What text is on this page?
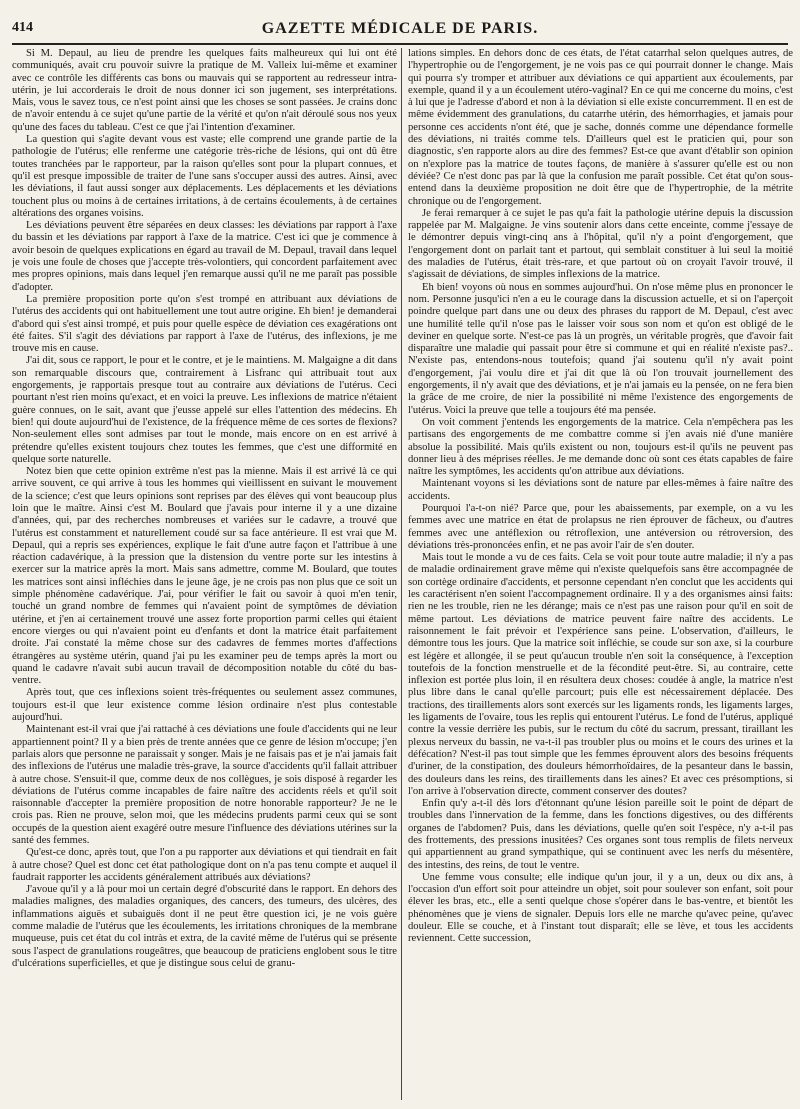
414	GAZETTE MÉDICALE DE PARIS.

Si M. Depaul, au lieu de prendre les quelques faits malheureux qui lui ont été communiqués, avait cru pouvoir suivre la pratique de M. Valleix lui-même et examiner avec ce contrôle les différents cas bons ou mauvais qui se rapportent au redresseur intra-utérin, je lui accorderais le droit de nous donner ici son jugement, ses interprétations. Mais, vous le savez tous, ce n'est point ainsi que les choses se sont passées. Je crains donc de n'avoir entendu à ce sujet qu'une partie de la vérité et qu'on n'ait déroulé sous nos yeux qu'une des faces du tableau. C'est ce que j'ai l'intention d'examiner.

La question qui s'agite devant vous est vaste; elle comprend une grande partie de la pathologie de l'utérus; elle renferme une catégorie très-riche de lésions, qui ont dû être toutes tranchées par le rapporteur, par la raison qu'elles sont pour la plupart connues, et qu'il est presque impossible de traiter de l'une sans s'occuper aussi des autres. Ainsi, avec les déviations, il faut aussi songer aux déplacements. Les déplacements et les déviations touchent plus ou moins à de certaines irritations, à de certains écoulements, à de certaines altérations des organes voisins.

Les déviations peuvent être séparées en deux classes: les déviations par rapport à l'axe du bassin et les déviations par rapport à l'axe de la matrice. C'est ici que je commence à avoir besoin de quelques explications en égard au travail de M. Depaul, travail dans lequel je vois une foule de choses que j'accepte très-volontiers, qui concordent parfaitement avec mes propres opinions, mais dans lequel j'en remarque aussi qu'il ne me paraît pas possible d'adopter.

La première proposition porte qu'on s'est trompé en attribuant aux déviations de l'utérus des accidents qui ont habituellement une tout autre origine. Eh bien! je demanderai d'abord qui s'est ainsi trompé, et puis pour quelle espèce de déviation ces exagérations ont été faites. S'il s'agit des déviations par rapport à l'axe de l'utérus, des inflexions, je me trouve mis en cause.

J'ai dit, sous ce rapport, le pour et le contre, et je le maintiens. M. Malgaigne a dit dans son remarquable discours que, contrairement à Lisfranc qui attribuait tout aux engorgements, je rapportais presque tout au contraire aux déviations de l'utérus. Ceci pourtant n'est rien moins qu'exact, et en voici la preuve. Les inflexions de matrice n'étaient guère connues, on le sait, avant que j'eusse appelé sur elles l'attention des médecins. Eh bien! qui doute aujourd'hui de l'existence, de la fréquence même de ces sortes de flexions? Non-seulement elles sont admises par tout le monde, mais encore on en est arrivé à prétendre qu'elles existent toujours chez toutes les femmes, que c'est une difformité en quelque sorte naturelle.

Notez bien que cette opinion extrême n'est pas la mienne. Mais il est arrivé là ce qui arrive souvent, ce qui arrive à tous les hommes qui vieillissent en suivant le mouvement de la science; c'est que leurs opinions sont reprises par des élèves qui vont beaucoup plus loin que le maître. Ainsi c'est M. Boulard que j'avais pour interne il y a une dizaine d'années, qui, par des recherches nombreuses et variées sur le cadavre, a trouvé que l'utérus est constamment et naturellement coudé sur sa face antérieure. Il est vrai que M. Depaul, qui a repris ses expériences, explique le fait d'une autre façon et l'attribue à une réaction cadavérique, à la pression que la distension du ventre porte sur les intestins à exercer sur la matrice après la mort. Mais sans admettre, comme M. Boulard, que toutes les matrices sont ainsi infléchies dans le jeune âge, je ne crois pas non plus que ce soit un simple phénomène cadavérique. J'ai, pour vérifier le fait ou savoir à quoi m'en tenir, touché un grand nombre de femmes qui n'avaient point de symptômes de déviation utérine, et j'en ai certainement trouvé une assez forte proportion parmi celles qui étaient encore vierges ou qui n'avaient point eu d'enfants et dont la matrice était parfaitement droite. J'ai constaté la même chose sur des cadavres de femmes mortes d'affections étrangères au système utérin, quand j'ai pu les examiner peu de temps après la mort ou quand le cadavre n'avait subi aucun travail de décomposition notable du côté du bas-ventre.

Après tout, que ces inflexions soient très-fréquentes ou seulement assez communes, toujours est-il que leur existence comme lésion ordinaire n'est plus contestable aujourd'hui.

Maintenant est-il vrai que j'ai rattaché à ces déviations une foule d'accidents qui ne leur appartiennent point? Il y a bien près de trente années que ce genre de lésion m'occupe; j'en parlais alors que personne ne paraissait y songer. Mais je ne faisais pas et je n'ai jamais fait des inflexions de l'utérus une maladie très-grave, la source d'accidents qu'il fallait attribuer à autre chose. S'ensuit-il que, comme deux de nos collègues, je sois disposé à regarder les déviations de l'utérus comme incapables de faire naître des accidents réels et qu'il soit raisonnable d'accepter la première proposition de notre honorable rapporteur? Je ne le crois pas. Rien ne prouve, selon moi, que les médecins prudents parmi ceux qui se sont occupés de la question aient exagéré outre mesure l'influence des déviations utérines sur la santé des femmes.

Qu'est-ce donc, après tout, que l'on a pu rapporter aux déviations et qui tiendrait en fait à autre chose? Quel est donc cet état pathologique dont on n'a pas tenu compte et auquel il faudrait rapporter les accidents généralement attribués aux déviations?

J'avoue qu'il y a là pour moi un certain degré d'obscurité dans le rapport. En dehors des maladies malignes, des maladies organiques, des cancers, des tumeurs, des ulcères, des inflammations aiguës et subaiguës dont il ne peut être question ici, je ne vois guère comme maladie de l'utérus que les écoulements, les irritations chroniques de la membrane muqueuse, puis cet état du col intràs et extra, de la cavité même de l'utérus qui se présente sous l'aspect de granulations rougeâtres, que beaucoup de praticiens englobent sous le titre d'ulcérations superficielles, et que je distingue sous celui de granu-

lations simples. En dehors donc de ces états, de l'état catarrhal selon quelques autres, de l'hypertrophie ou de l'engorgement, je ne vois pas ce qui pourrait donner le change. Mais qui pourra s'y tromper et attribuer aux déviations ce qui appartient aux écoulements, par exemple, quand il y a un écoulement utéro-vaginal? En ce qui me concerne du moins, c'est à lui que je l'adresse d'abord et non à la déviation si elle existe concurremment. Il en est de même évidemment des granulations, du catarrhe utérin, des hémorrhagies, et jamais pour personne ces accidents n'ont été, que je sache, donnés comme une dépendance formelle des déviations, ni traités comme tels. D'ailleurs quel est le praticien qui, pour son diagnostic, s'en rapporte alors au dire des femmes? Est-ce que avant d'établir son opinion on n'explore pas la matrice de toutes façons, de manière à s'assurer qu'elle est ou non déviée? Ce n'est donc pas par là que la confusion me paraît possible. Cet état qu'on sous-entend dans la deuxième proposition ne doit être que de l'hypertrophie, de la métrite chronique ou de l'engorgement.

Je ferai remarquer à ce sujet le pas qu'a fait la pathologie utérine depuis la discussion rappelée par M. Malgaigne. Je vins soutenir alors dans cette enceinte, comme j'essaye de le démontrer depuis vingt-cinq ans à l'hôpital, qu'il n'y a point d'engorgement, que l'engorgement dont on parlait tant et partout, qui semblait constituer à lui seul la moitié des maladies de l'utérus, était très-rare, et que partout où on croyait l'avoir trouvé, il s'agissait de déviations, de simples inflexions de la matrice.

Eh bien! voyons où nous en sommes aujourd'hui. On n'ose même plus en prononcer le nom. Personne jusqu'ici n'en a eu le courage dans la discussion actuelle, et si on l'aperçoit poindre quelque part dans une ou deux des phrases du rapport de M. Depaul, c'est avec une humilité telle qu'il n'ose pas le laisser voir sous son nom et qu'on est obligé de le deviner en quelque sorte. N'est-ce pas là un progrès, un véritable progrès, que d'avoir fait disparaître une maladie qui passait pour être si commune et qui en réalité n'existe pas?.. N'existe pas, entendons-nous toutefois; quand j'ai soutenu qu'il n'y avait point d'engorgement, j'ai voulu dire et j'ai dit que là où l'on trouvait journellement des engorgements, il n'y avait que des déviations, et je n'ai jamais eu la pensée, on ne fera bien la grâce de me croire, de nier la possibilité ni même l'existence des engorgements de l'utérus. Voici la preuve que telle a toujours été ma pensée.

On voit comment j'entends les engorgements de la matrice. Cela n'empêchera pas les partisans des engorgements de me combattre comme si j'en avais nié d'une manière absolue la possibilité. Mais qu'ils existent ou non, toujours est-il qu'ils ne peuvent pas donner lieu à des méprises réelles. Je me demande donc où sont ces états capables de faire naître les symptômes, les accidents qu'on attribue aux déviations.

Maintenant voyons si les déviations sont de nature par elles-mêmes à faire naître des accidents.

Pourquoi l'a-t-on nié? Parce que, pour les abaissements, par exemple, on a vu les femmes avec une matrice en état de prolapsus ne rien éprouver de fâcheux, ou d'autres femmes avec une antéflexion ou rétroflexion, une antéversion ou rétroversion, des déviations très-prononcées enfin, et ne pas avoir l'air de s'en douter.

Mais tout le monde a vu de ces faits. Cela se voit pour toute autre maladie; il n'y a pas de maladie ordinairement grave même qui n'existe quelquefois sans être accompagnée de son cortège ordinaire d'accidents, et personne cependant n'en conclut que les accidents qui les caractérisent n'en soient l'accompagnement ordinaire. Il y a des organismes ainsi faits: rien ne les trouble, rien ne les dérange; mais ce n'est pas une raison pour qu'il en soit de même partout. Les déviations de matrice peuvent faire naître des accidents. Le raisonnement le fait prévoir et l'expérience sans peine. L'observation, d'ailleurs, le démontre tous les jours. Que la matrice soit infléchie, se coude sur son axe, si la courbure est légère et allongée, il se peut qu'aucun trouble n'en soit la conséquence, à l'exception toutefois de la fonction menstruelle et de la fécondité peut-être. Si, au contraire, cette inflexion est portée plus loin, il en résultera deux choses: coudée à angle, la matrice n'est plus libre dans le canal qu'elle parcourt; puis elle est nécessairement déplacée. Des tractions, des tiraillements alors sont exercés sur les ligaments ronds, les ligaments larges, les ligaments de l'ovaire, tous les replis qui entourent l'utérus. Le fond de l'utérus, appliqué contre la vessie derrière les pubis, sur le rectum du côté du sacrum, pressant, tiraillant les plexus nerveux du bassin, ne va-t-il pas troubler plus ou moins et le cours des urines et la défécation? N'est-il pas tout simple que les femmes éprouvent alors des besoins fréquents d'uriner, de la constipation, des douleurs hémorrhoïdaires, de la pesanteur dans le bassin, des douleurs dans les reins, des tiraillements dans les aines? Et avec ces présomptions, si l'on arrive à l'observation directe, comment conserver des doutes?

Enfin qu'y a-t-il dès lors d'étonnant qu'une lésion pareille soit le point de départ de troubles dans l'innervation de la femme, dans les fonctions digestives, ou des différents organes de l'abdomen? Puis, dans les déviations, quelle qu'en soit l'espèce, n'y a-t-il pas des frottements, des pressions inusitées? Ces organes sont tous remplis de filets nerveux qui appartiennent au grand sympathique, qui se continuent avec les nerfs du mésentère, des intestins, des reins, de tout le ventre.

Une femme vous consulte; elle indique qu'un jour, il y a un, deux ou dix ans, à l'occasion d'un effort soit pour atteindre un objet, soit pour soulever son enfant, soit pour élever les bras, etc., elle a senti quelque chose s'opérer dans le bas-ventre, et bientôt les phénomènes que je viens de signaler. Depuis lors elle ne marche qu'avec peine, qu'avec douleur. Elle se couche, et à l'instant tout disparaît; elle se lève, et tous les accidents reviennent. Cette succession,
